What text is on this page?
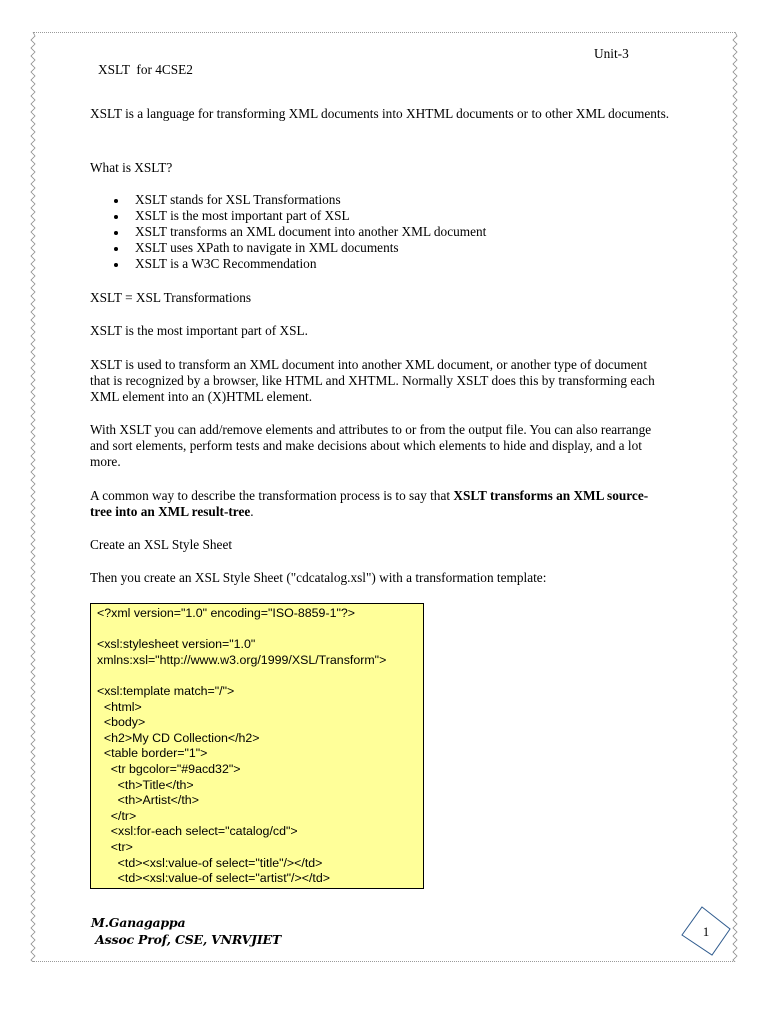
Unit-3
XSLT  for 4CSE2

XSLT is a language for transforming XML documents into XHTML documents or to other XML documents.

What is XSLT?

XSLT stands for XSL Transformations
XSLT is the most important part of XSL
XSLT transforms an XML document into another XML document
XSLT uses XPath to navigate in XML documents
XSLT is a W3C Recommendation

XSLT = XSL Transformations

XSLT is the most important part of XSL.

XSLT is used to transform an XML document into another XML document, or another type of document that is recognized by a browser, like HTML and XHTML. Normally XSLT does this by transforming each XML element into an (X)HTML element.

With XSLT you can add/remove elements and attributes to or from the output file. You can also rearrange and sort elements, perform tests and make decisions about which elements to hide and display, and a lot more.

A common way to describe the transformation process is to say that XSLT transforms an XML source-tree into an XML result-tree.

Create an XSL Style Sheet

Then you create an XSL Style Sheet ("cdcatalog.xsl") with a transformation template:

<?xml version="1.0" encoding="ISO-8859-1"?>

<xsl:stylesheet version="1.0"
xmlns:xsl="http://www.w3.org/1999/XSL/Transform">

<xsl:template match="/">
<html>
<body>
<h2>My CD Collection</h2>
<table border="1">
<tr bgcolor="#9acd32">
<th>Title</th>
<th>Artist</th>
</tr>
<xsl:for-each select="catalog/cd">
<tr>
<td><xsl:value-of select="title"/></td>
<td><xsl:value-of select="artist"/></td>
M.Ganagappa
Assoc Prof, CSE, VNRVJIET
1
